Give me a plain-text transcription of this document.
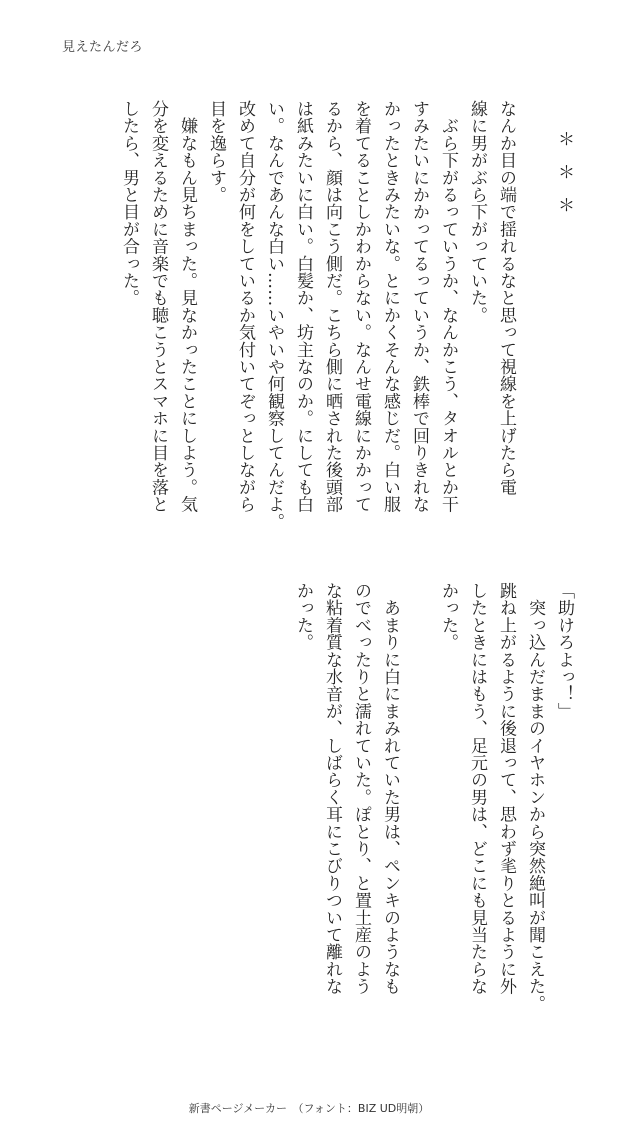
見えたんだろ
＊＊＊

なんか目の端で揺れるなと思って視線を上げたら電
線に男がぶら下がっていた。
　ぶら下がるっていうか、なんかこう、タオルとか干
すみたいにかかってるっていうか、鉄棒で回りきれな
かったときみたいな。とにかくそんな感じだ。白い服
を着てることしかわからない。なんせ電線にかかって
るから、顔は向こう側だ。こちら側に晒された後頭部
は紙みたいに白い。白髪か、坊主なのか。にしても白
い。なんであんな白い……いやいや何観察してんだよ。
改めて自分が何をしているか気付いてぞっとしながら
目を逸らす。
　嫌なもん見ちまった。見なかったことにしよう。気
分を変えるために音楽でも聴こうとスマホに目を落と
したら、男と目が合った。
「助けろよっ！」
　突っ込んだままのイヤホンから突然絶叫が聞こえた。
跳ね上がるように後退って、思わず毟りとるように外
したときにはもう、足元の男は、どこにも見当たらな
かった。

　あまりに白にまみれていた男は、ペンキのようなも
のでべったりと濡れていた。ぽとり、と置土産のよう
な粘着質な水音が、しばらく耳にこびりついて離れな
かった。
新書ページメーカー　（フォント：BIZ UD明朝）
